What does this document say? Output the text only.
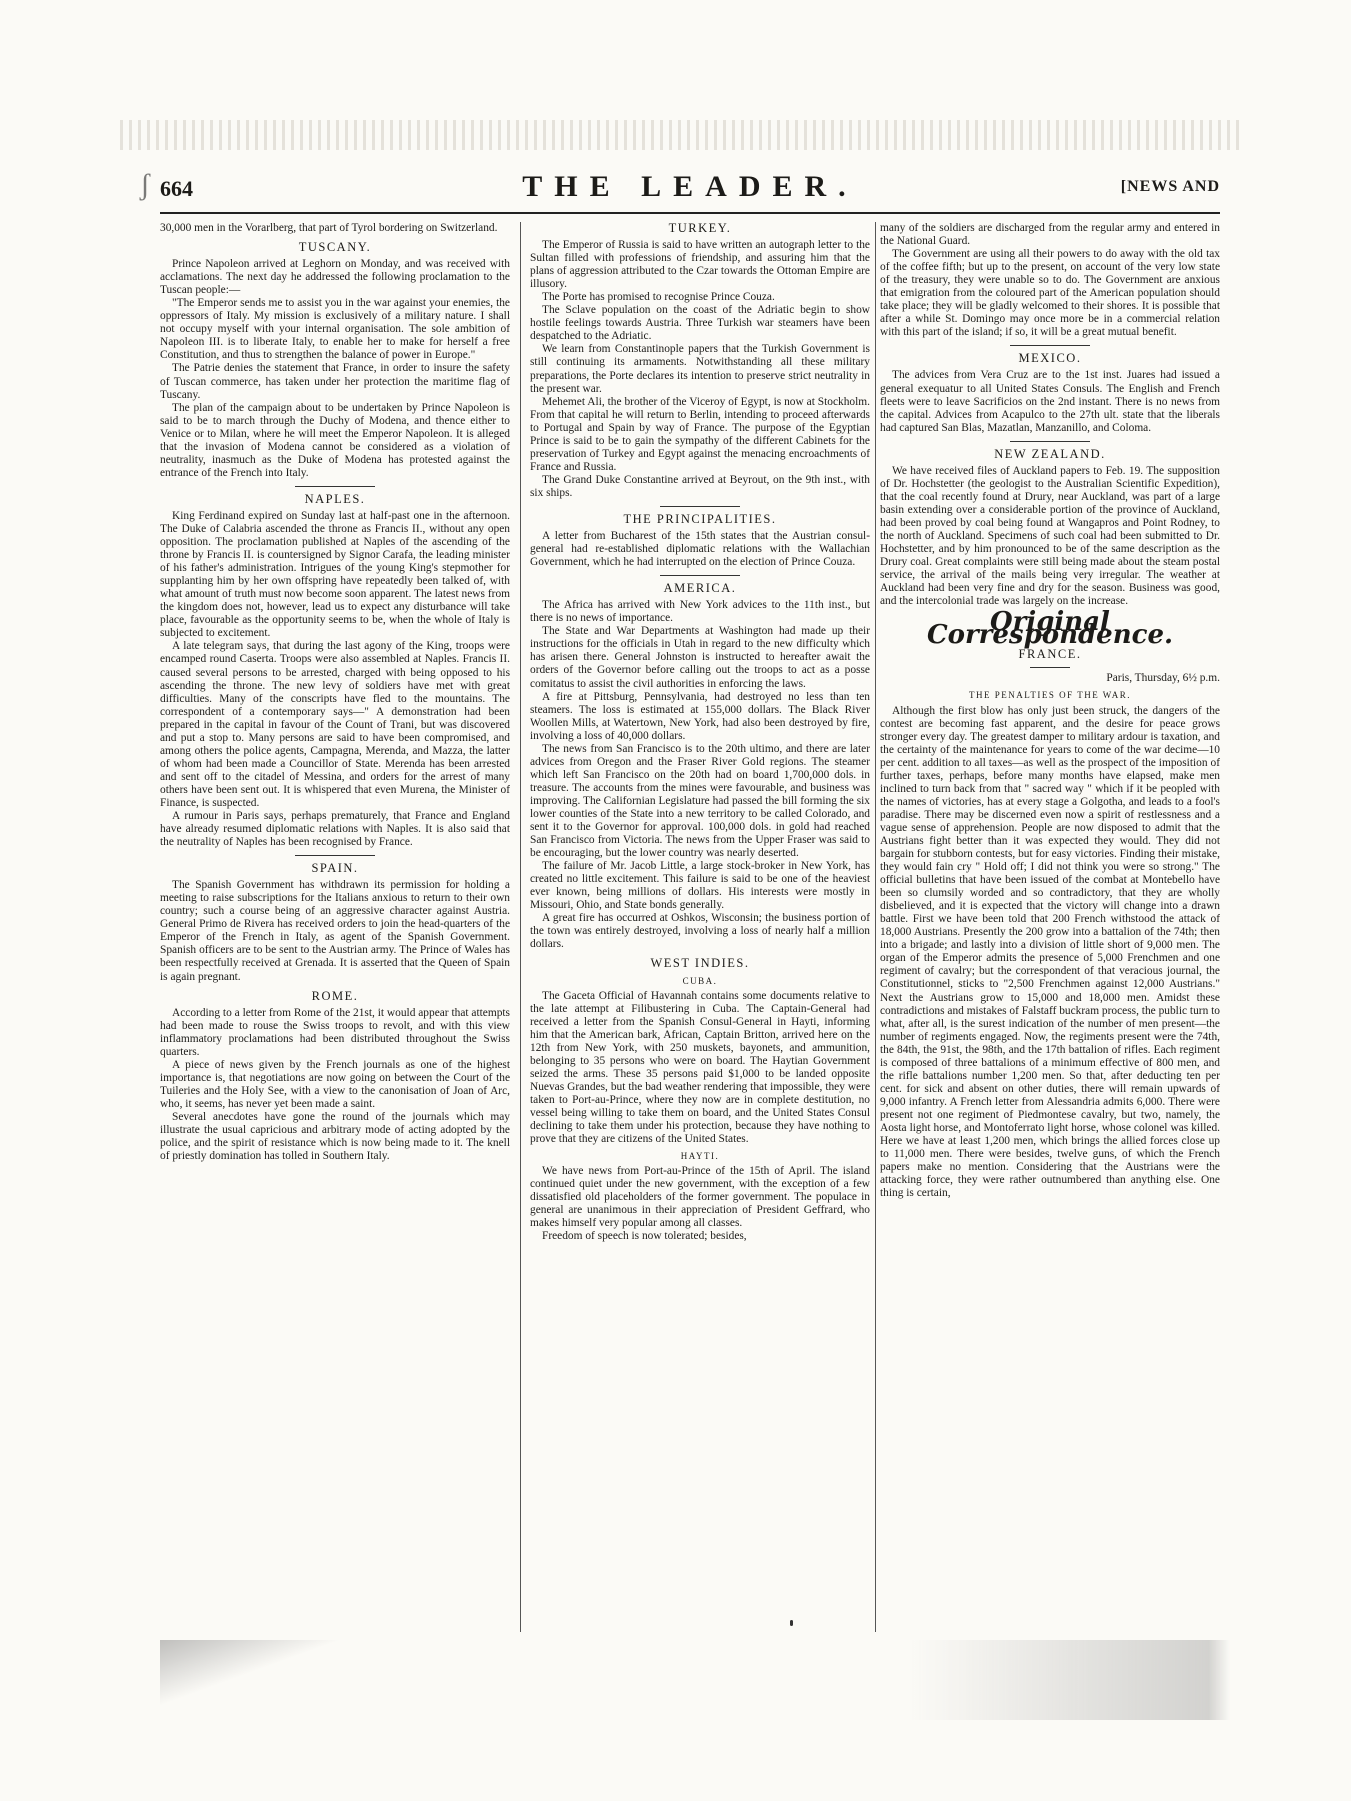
ʃ 664	THE LEADER.	[NEWS AND

30,000 men in the Vorarlberg, that part of Tyrol bordering on Switzerland.

TUSCANY.

Prince Napoleon arrived at Leghorn on Monday, and was received with acclamations. The next day he addressed the following proclamation to the Tuscan people:—

"The Emperor sends me to assist you in the war against your enemies, the oppressors of Italy. My mission is exclusively of a military nature. I shall not occupy myself with your internal organisation. The sole ambition of Napoleon III. is to liberate Italy, to enable her to make for herself a free Constitution, and thus to strengthen the balance of power in Europe."

The Patrie denies the statement that France, in order to insure the safety of Tuscan commerce, has taken under her protection the maritime flag of Tuscany.

The plan of the campaign about to be undertaken by Prince Napoleon is said to be to march through the Duchy of Modena, and thence either to Venice or to Milan, where he will meet the Emperor Napoleon. It is alleged that the invasion of Modena cannot be considered as a violation of neutrality, inasmuch as the Duke of Modena has protested against the entrance of the French into Italy.

NAPLES.

King Ferdinand expired on Sunday last at half-past one in the afternoon. The Duke of Calabria ascended the throne as Francis II., without any open opposition. The proclamation published at Naples of the ascending of the throne by Francis II. is countersigned by Signor Carafa, the leading minister of his father's administration. Intrigues of the young King's stepmother for supplanting him by her own offspring have repeatedly been talked of, with what amount of truth must now become soon apparent. The latest news from the kingdom does not, however, lead us to expect any disturbance will take place, favourable as the opportunity seems to be, when the whole of Italy is subjected to excitement.

A late telegram says, that during the last agony of the King, troops were encamped round Caserta. Troops were also assembled at Naples. Francis II. caused several persons to be arrested, charged with being opposed to his ascending the throne. The new levy of soldiers have met with great difficulties. Many of the conscripts have fled to the mountains. The correspondent of a contemporary says—" A demonstration had been prepared in the capital in favour of the Count of Trani, but was discovered and put a stop to. Many persons are said to have been compromised, and among others the police agents, Campagna, Merenda, and Mazza, the latter of whom had been made a Councillor of State. Merenda has been arrested and sent off to the citadel of Messina, and orders for the arrest of many others have been sent out. It is whispered that even Murena, the Minister of Finance, is suspected.

A rumour in Paris says, perhaps prematurely, that France and England have already resumed diplomatic relations with Naples. It is also said that the neutrality of Naples has been recognised by France.

SPAIN.

The Spanish Government has withdrawn its permission for holding a meeting to raise subscriptions for the Italians anxious to return to their own country; such a course being of an aggressive character against Austria. General Primo de Rivera has received orders to join the head-quarters of the Emperor of the French in Italy, as agent of the Spanish Government. Spanish officers are to be sent to the Austrian army. The Prince of Wales has been respectfully received at Grenada. It is asserted that the Queen of Spain is again pregnant.

ROME.

According to a letter from Rome of the 21st, it would appear that attempts had been made to rouse the Swiss troops to revolt, and with this view inflammatory proclamations had been distributed throughout the Swiss quarters.

A piece of news given by the French journals as one of the highest importance is, that negotiations are now going on between the Court of the Tuileries and the Holy See, with a view to the canonisation of Joan of Arc, who, it seems, has never yet been made a saint.

Several anecdotes have gone the round of the journals which may illustrate the usual capricious and arbitrary mode of acting adopted by the police, and the spirit of resistance which is now being made to it. The knell of priestly domination has tolled in Southern Italy.

TURKEY.

The Emperor of Russia is said to have written an autograph letter to the Sultan filled with professions of friendship, and assuring him that the plans of aggression attributed to the Czar towards the Ottoman Empire are illusory.

The Porte has promised to recognise Prince Couza.

The Sclave population on the coast of the Adriatic begin to show hostile feelings towards Austria. Three Turkish war steamers have been despatched to the Adriatic.

We learn from Constantinople papers that the Turkish Government is still continuing its armaments. Notwithstanding all these military preparations, the Porte declares its intention to preserve strict neutrality in the present war.

Mehemet Ali, the brother of the Viceroy of Egypt, is now at Stockholm. From that capital he will return to Berlin, intending to proceed afterwards to Portugal and Spain by way of France. The purpose of the Egyptian Prince is said to be to gain the sympathy of the different Cabinets for the preservation of Turkey and Egypt against the menacing encroachments of France and Russia.

The Grand Duke Constantine arrived at Beyrout, on the 9th inst., with six ships.

THE PRINCIPALITIES.

A letter from Bucharest of the 15th states that the Austrian consul-general had re-established diplomatic relations with the Wallachian Government, which he had interrupted on the election of Prince Couza.

AMERICA.

The Africa has arrived with New York advices to the 11th inst., but there is no news of importance.

The State and War Departments at Washington had made up their instructions for the officials in Utah in regard to the new difficulty which has arisen there. General Johnston is instructed to hereafter await the orders of the Governor before calling out the troops to act as a posse comitatus to assist the civil authorities in enforcing the laws.

A fire at Pittsburg, Pennsylvania, had destroyed no less than ten steamers. The loss is estimated at 155,000 dollars. The Black River Woollen Mills, at Watertown, New York, had also been destroyed by fire, involving a loss of 40,000 dollars.

The news from San Francisco is to the 20th ultimo, and there are later advices from Oregon and the Fraser River Gold regions. The steamer which left San Francisco on the 20th had on board 1,700,000 dols. in treasure. The accounts from the mines were favourable, and business was improving. The Californian Legislature had passed the bill forming the six lower counties of the State into a new territory to be called Colorado, and sent it to the Governor for approval. 100,000 dols. in gold had reached San Francisco from Victoria. The news from the Upper Fraser was said to be encouraging, but the lower country was nearly deserted.

The failure of Mr. Jacob Little, a large stock-broker in New York, has created no little excitement. This failure is said to be one of the heaviest ever known, being millions of dollars. His interests were mostly in Missouri, Ohio, and State bonds generally.

A great fire has occurred at Oshkos, Wisconsin; the business portion of the town was entirely destroyed, involving a loss of nearly half a million dollars.

WEST INDIES.
CUBA.

The Gaceta Official of Havannah contains some documents relative to the late attempt at Filibustering in Cuba. The Captain-General had received a letter from the Spanish Consul-General in Hayti, informing him that the American bark, African, Captain Britton, arrived here on the 12th from New York, with 250 muskets, bayonets, and ammunition, belonging to 35 persons who were on board. The Haytian Government seized the arms. These 35 persons paid $1,000 to be landed opposite Nuevas Grandes, but the bad weather rendering that impossible, they were taken to Port-au-Prince, where they now are in complete destitution, no vessel being willing to take them on board, and the United States Consul declining to take them under his protection, because they have nothing to prove that they are citizens of the United States.

HAYTI.

We have news from Port-au-Prince of the 15th of April. The island continued quiet under the new government, with the exception of a few dissatisfied old placeholders of the former government. The populace in general are unanimous in their appreciation of President Geffrard, who makes himself very popular among all classes.

Freedom of speech is now tolerated; besides,

many of the soldiers are discharged from the regular army and entered in the National Guard.

The Government are using all their powers to do away with the old tax of the coffee fifth; but up to the present, on account of the very low state of the treasury, they were unable so to do. The Government are anxious that emigration from the coloured part of the American population should take place; they will be gladly welcomed to their shores. It is possible that after a while St. Domingo may once more be in a commercial relation with this part of the island; if so, it will be a great mutual benefit.

MEXICO.

The advices from Vera Cruz are to the 1st inst. Juares had issued a general exequatur to all United States Consuls. The English and French fleets were to leave Sacrificios on the 2nd instant. There is no news from the capital. Advices from Acapulco to the 27th ult. state that the liberals had captured San Blas, Mazatlan, Manzanillo, and Coloma.

NEW ZEALAND.

We have received files of Auckland papers to Feb. 19. The supposition of Dr. Hochstetter (the geologist to the Australian Scientific Expedition), that the coal recently found at Drury, near Auckland, was part of a large basin extending over a considerable portion of the province of Auckland, had been proved by coal being found at Wangapros and Point Rodney, to the north of Auckland. Specimens of such coal had been submitted to Dr. Hochstetter, and by him pronounced to be of the same description as the Drury coal. Great complaints were still being made about the steam postal service, the arrival of the mails being very irregular. The weather at Auckland had been very fine and dry for the season. Business was good, and the intercolonial trade was largely on the increase.

Original Correspondence.
FRANCE.
Paris, Thursday, 6½ p.m.
THE PENALTIES OF THE WAR.

Although the first blow has only just been struck, the dangers of the contest are becoming fast apparent, and the desire for peace grows stronger every day. The greatest damper to military ardour is taxation, and the certainty of the maintenance for years to come of the war decime—10 per cent. addition to all taxes—as well as the prospect of the imposition of further taxes, perhaps, before many months have elapsed, make men inclined to turn back from that " sacred way " which if it be peopled with the names of victories, has at every stage a Golgotha, and leads to a fool's paradise. There may be discerned even now a spirit of restlessness and a vague sense of apprehension. People are now disposed to admit that the Austrians fight better than it was expected they would. They did not bargain for stubborn contests, but for easy victories. Finding their mistake, they would fain cry " Hold off; I did not think you were so strong." The official bulletins that have been issued of the combat at Montebello have been so clumsily worded and so contradictory, that they are wholly disbelieved, and it is expected that the victory will change into a drawn battle. First we have been told that 200 French withstood the attack of 18,000 Austrians. Presently the 200 grow into a battalion of the 74th; then into a brigade; and lastly into a division of little short of 9,000 men. The organ of the Emperor admits the presence of 5,000 Frenchmen and one regiment of cavalry; but the correspondent of that veracious journal, the Constitutionnel, sticks to "2,500 Frenchmen against 12,000 Austrians." Next the Austrians grow to 15,000 and 18,000 men. Amidst these contradictions and mistakes of Falstaff buckram process, the public turn to what, after all, is the surest indication of the number of men present—the number of regiments engaged. Now, the regiments present were the 74th, the 84th, the 91st, the 98th, and the 17th battalion of rifles. Each regiment is composed of three battalions of a minimum effective of 800 men, and the rifle battalions number 1,200 men. So that, after deducting ten per cent. for sick and absent on other duties, there will remain upwards of 9,000 infantry. A French letter from Alessandria admits 6,000. There were present not one regiment of Piedmontese cavalry, but two, namely, the Aosta light horse, and Montoferrato light horse, whose colonel was killed. Here we have at least 1,200 men, which brings the allied forces close up to 11,000 men. There were besides, twelve guns, of which the French papers make no mention. Considering that the Austrians were the attacking force, they were rather outnumbered than anything else. One thing is certain,
